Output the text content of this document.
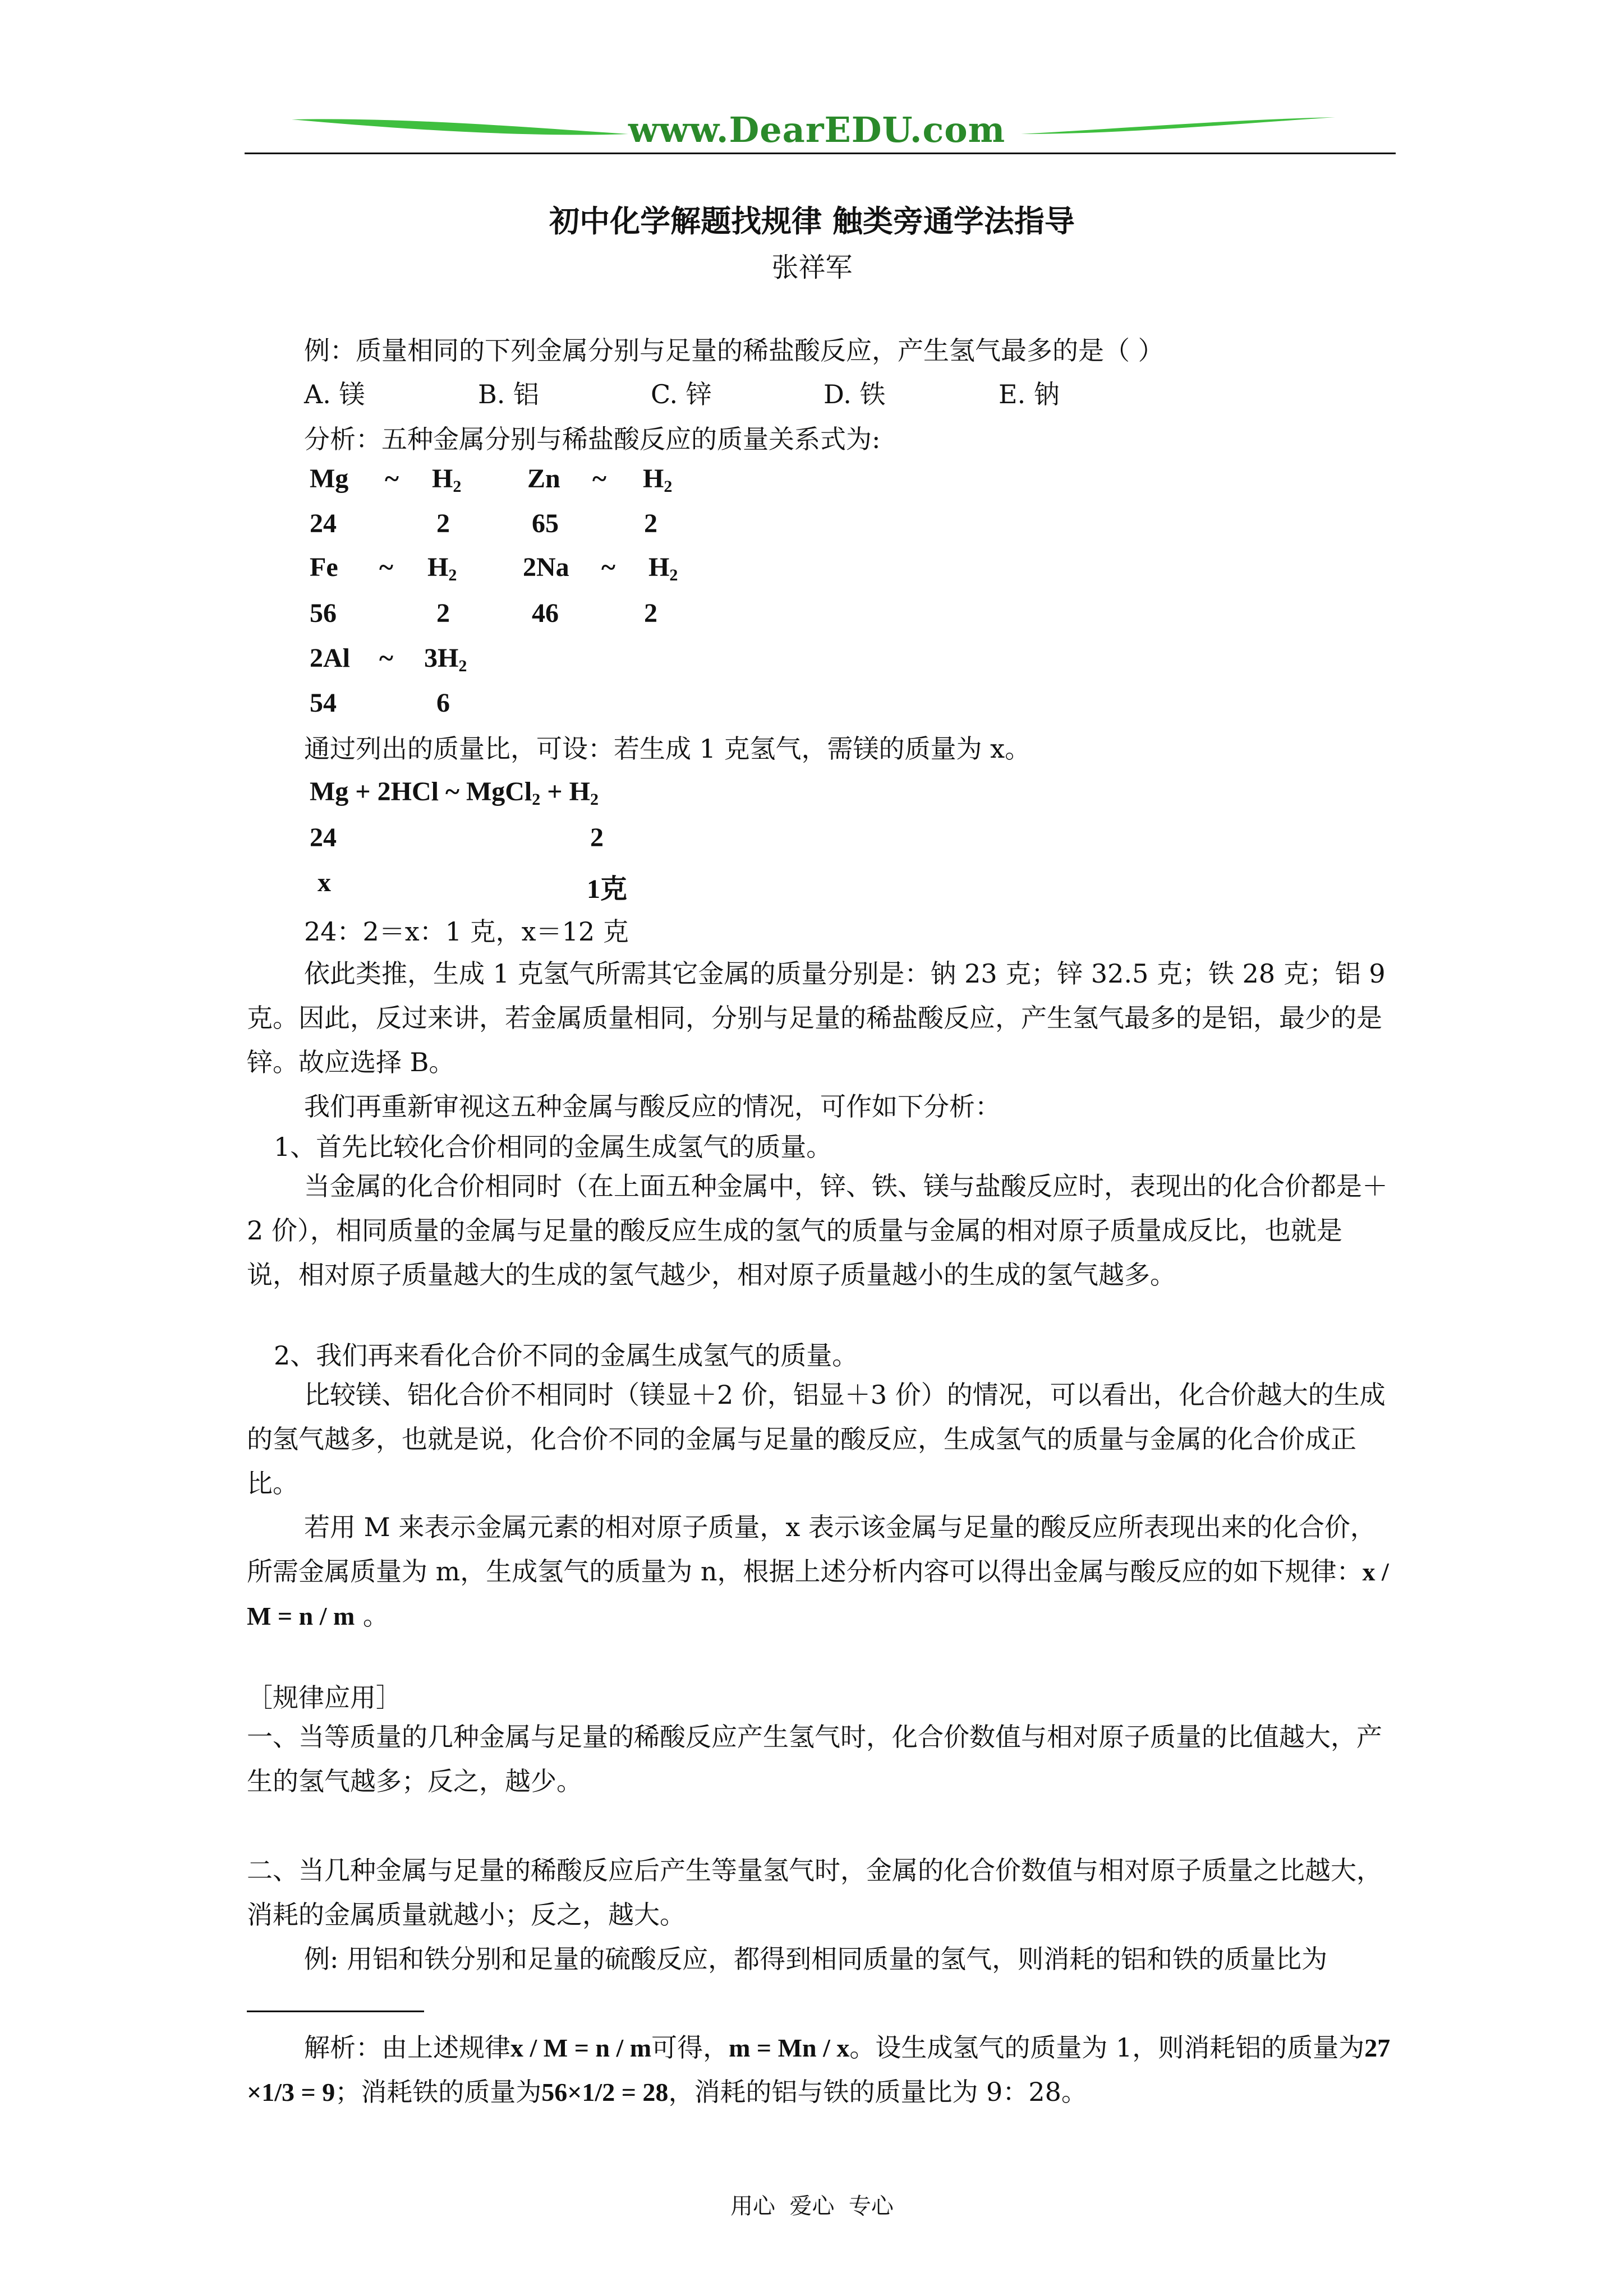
www.DearEDU.com
初中化学解题找规律 触类旁通学法指导
张祥军
例：质量相同的下列金属分别与足量的稀盐酸反应，产生氢气最多的是（ ）
A. 镁	B. 铝	C. 锌	D. 铁	E. 钠
分析：五种金属分别与稀盐酸反应的质量关系式为:
Mg ~ $H_2$ Zn ~ $H_2$
24	2	65	2
Fe ~ $H_2$ 2Na ~ $H_2$
56	2	46	2
2Al ~ $3H_2$
54	6
通过列出的质量比，可设：若生成 1 克氢气，需镁的质量为 x。
Mg + 2HCl ~ MgCl$_2$ + $H_2$
24	2
x	1克
24：2＝x：1 克，x＝12 克
依此类推，生成 1 克氢气所需其它金属的质量分别是：钠 23 克；锌 32.5 克；铁 28 克；铝 9 克。因此，反过来讲，若金属质量相同，分别与足量的稀盐酸反应，产生氢气最多的是铝，最少的是锌。故应选择 B。
我们再重新审视这五种金属与酸反应的情况，可作如下分析：
1、首先比较化合价相同的金属生成氢气的质量。
当金属的化合价相同时（在上面五种金属中，锌、铁、镁与盐酸反应时，表现出的化合价都是＋2 价），相同质量的金属与足量的酸反应生成的氢气的质量与金属的相对原子质量成反比，也就是说，相对原子质量越大的生成的氢气越少，相对原子质量越小的生成的氢气越多。
2、我们再来看化合价不同的金属生成氢气的质量。
比较镁、铝化合价不相同时（镁显＋2 价，铝显＋3 价）的情况，可以看出，化合价越大的生成的氢气越多，也就是说，化合价不同的金属与足量的酸反应，生成氢气的质量与金属的化合价成正比。
若用 M 来表示金属元素的相对原子质量，x 表示该金属与足量的酸反应所表现出来的化合价，所需金属质量为 m，生成氢气的质量为 n，根据上述分析内容可以得出金属与酸反应的如下规律：x / M = n / m 。
［规律应用］
一、当等质量的几种金属与足量的稀酸反应产生氢气时，化合价数值与相对原子质量的比值越大，产生的氢气越多；反之，越少。
二、当几种金属与足量的稀酸反应后产生等量氢气时，金属的化合价数值与相对原子质量之比越大，消耗的金属质量就越小；反之，越大。
例: 用铝和铁分别和足量的硫酸反应，都得到相同质量的氢气，则消耗的铝和铁的质量比为
解析：由上述规律x / M = n / m可得，m = Mn / x。设生成氢气的质量为 1，则消耗铝的质量为27×1/3 = 9；消耗铁的质量为56×1/2 = 28，消耗的铝与铁的质量比为 9：28。
用心  爱心  专心
